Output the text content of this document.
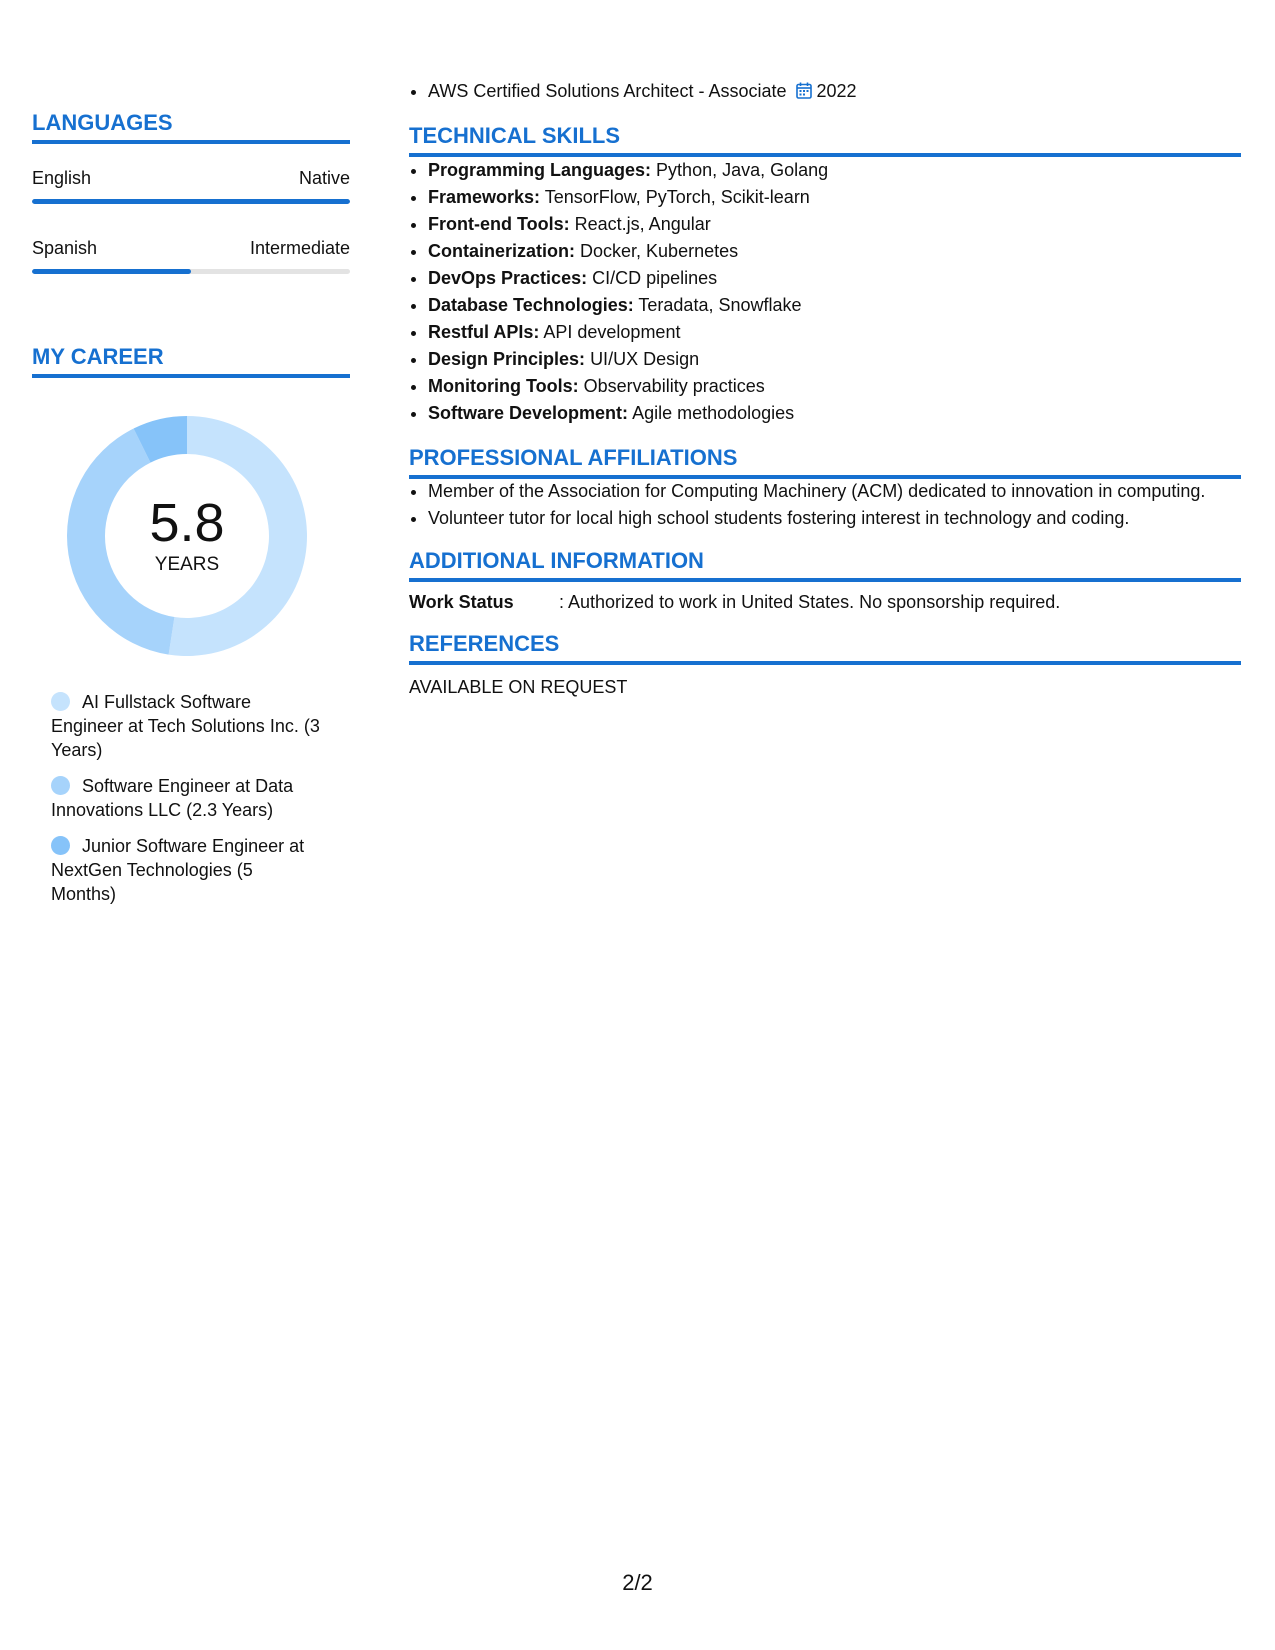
LANGUAGES
English	Native
Spanish	Intermediate
MY CAREER
5.8
YEARS
AI Fullstack Software Engineer at Tech Solutions Inc. (3 Years)
Software Engineer at Data Innovations LLC (2.3 Years)
Junior Software Engineer at NextGen Technologies (5 Months)
• AWS Certified Solutions Architect - Associate 2022
TECHNICAL SKILLS
• Programming Languages: Python, Java, Golang
• Frameworks: TensorFlow, PyTorch, Scikit-learn
• Front-end Tools: React.js, Angular
• Containerization: Docker, Kubernetes
• DevOps Practices: CI/CD pipelines
• Database Technologies: Teradata, Snowflake
• Restful APIs: API development
• Design Principles: UI/UX Design
• Monitoring Tools: Observability practices
• Software Development: Agile methodologies
PROFESSIONAL AFFILIATIONS
• Member of the Association for Computing Machinery (ACM) dedicated to innovation in computing.
• Volunteer tutor for local high school students fostering interest in technology and coding.
ADDITIONAL INFORMATION
Work Status	: Authorized to work in United States. No sponsorship required.
REFERENCES
AVAILABLE ON REQUEST
2/2
